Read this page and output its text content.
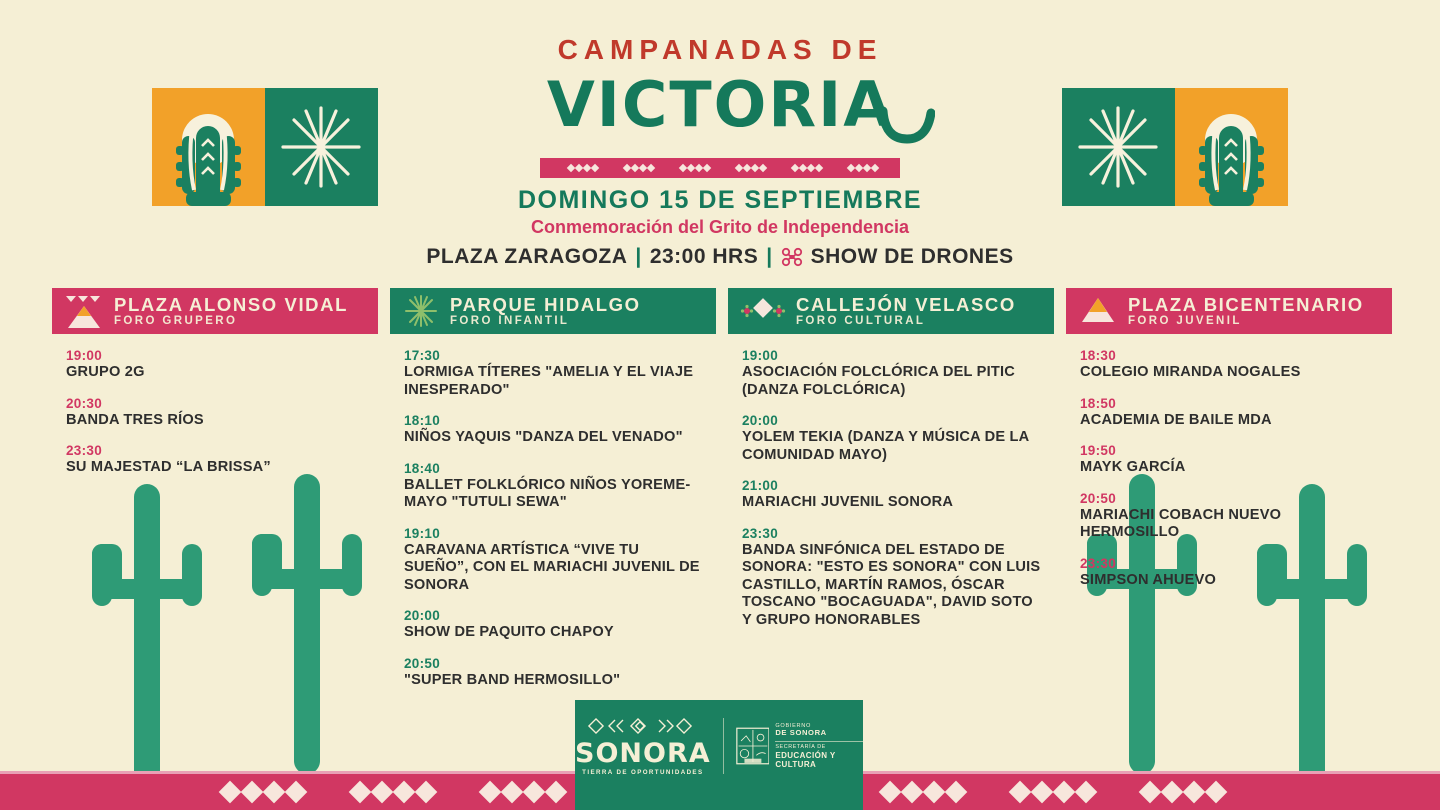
CAMPANADAS DE
VICTORIA
DOMINGO 15 DE SEPTIEMBRE
Conmemoración del Grito de Independencia
PLAZA ZARAGOZA | 23:00 HRS | SHOW DE DRONES
PLAZA ALONSO VIDAL
FORO GRUPERO
19:00
GRUPO 2G
20:30
BANDA TRES RÍOS
23:30
SU MAJESTAD “LA BRISSA”
PARQUE HIDALGO
FORO INFANTIL
17:30
LORMIGA TÍTERES "AMELIA Y EL VIAJE INESPERADO"
18:10
NIÑOS YAQUIS "DANZA DEL VENADO"
18:40
BALLET FOLKLÓRICO NIÑOS YOREME-MAYO "TUTULI SEWA"
19:10
CARAVANA ARTÍSTICA “VIVE TU SUEÑO”, CON EL MARIACHI JUVENIL DE SONORA
20:00
SHOW DE PAQUITO CHAPOY
20:50
"SUPER BAND HERMOSILLO"
CALLEJÓN VELASCO
FORO CULTURAL
19:00
ASOCIACIÓN FOLCLÓRICA DEL PITIC (DANZA FOLCLÓRICA)
20:00
YOLEM TEKIA (DANZA Y MÚSICA DE LA COMUNIDAD MAYO)
21:00
MARIACHI JUVENIL SONORA
23:30
BANDA SINFÓNICA DEL ESTADO DE SONORA: "ESTO ES SONORA" CON LUIS CASTILLO, MARTÍN RAMOS, ÓSCAR TOSCANO "BOCAGUADA", DAVID SOTO Y GRUPO HONORABLES
PLAZA BICENTENARIO
FORO JUVENIL
18:30
COLEGIO MIRANDA NOGALES
18:50
ACADEMIA DE BAILE MDA
19:50
MAYK GARCÍA
20:50
MARIACHI COBACH NUEVO HERMOSILLO
23:30
SIMPSON AHUEVO
SONORA
TIERRA DE OPORTUNIDADES
GOBIERNO
DE SONORA
SECRETARÍA DE
EDUCACIÓN Y CULTURA
